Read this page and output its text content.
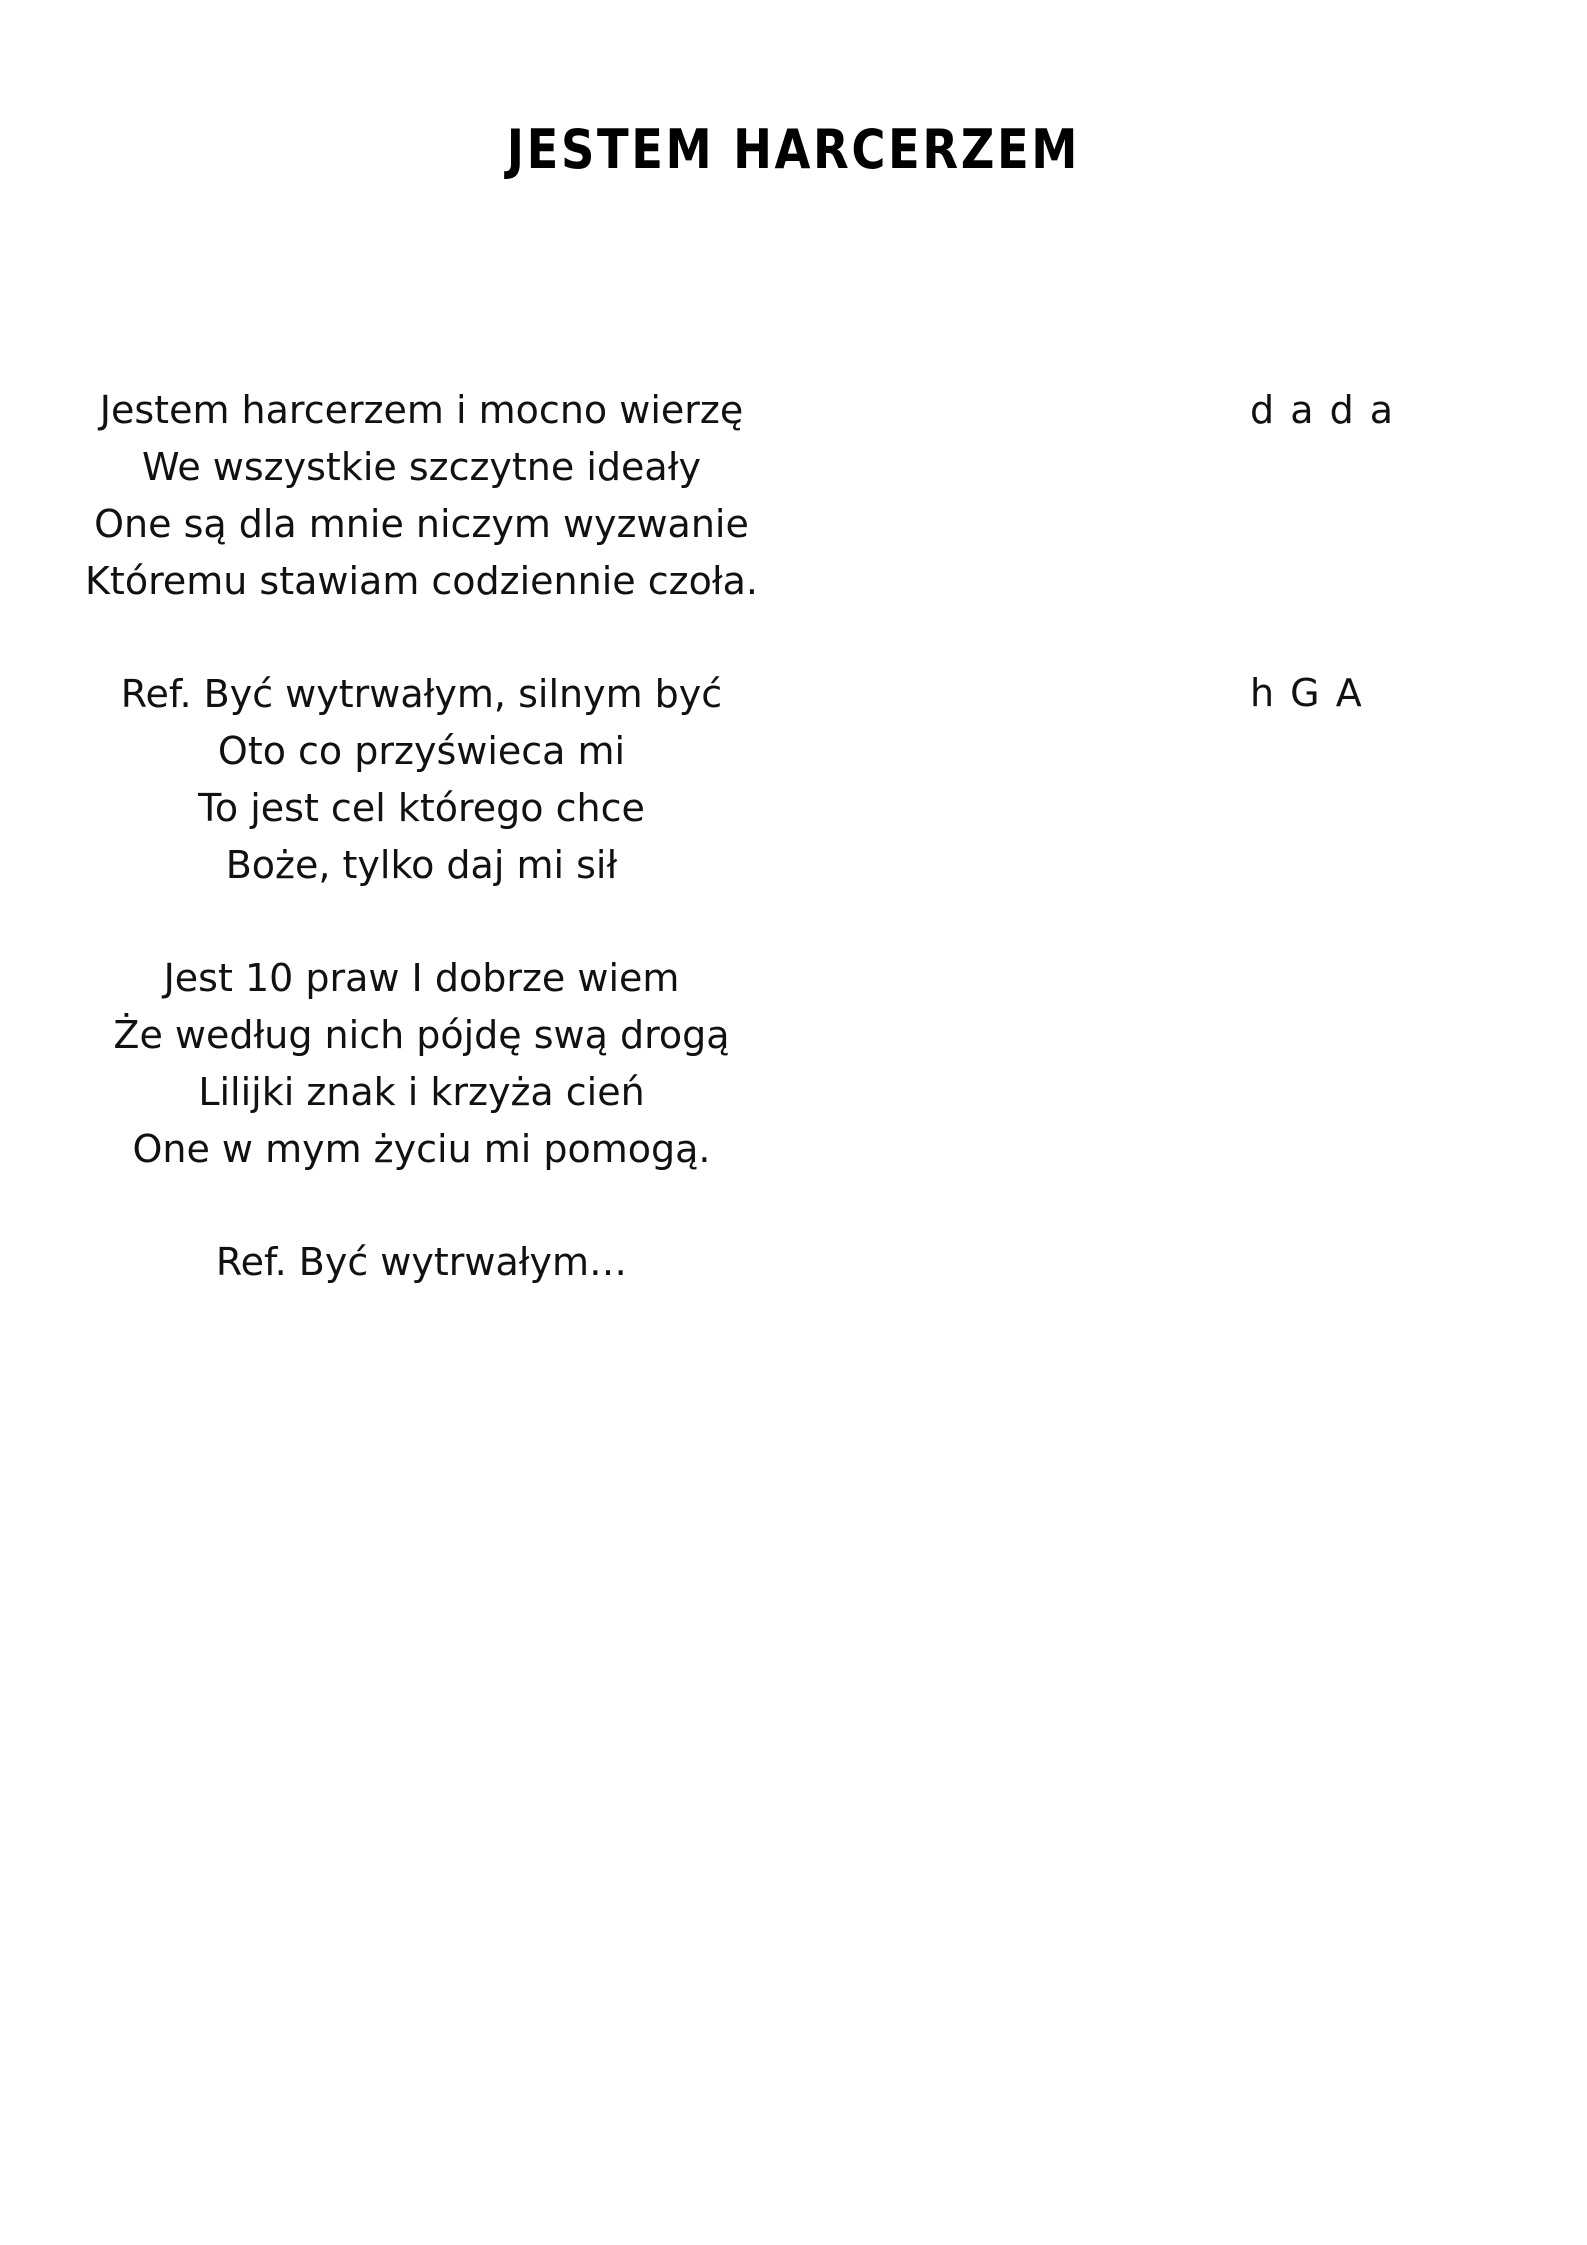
JESTEM HARCERZEM
Jestem harcerzem i mocno wierzę
We wszystkie szczytne ideały
One są dla mnie niczym wyzwanie
Któremu stawiam codziennie czoła.
Ref. Być wytrwałym, silnym być
Oto co przyświeca mi
To jest cel którego chce
Boże, tylko daj mi sił
Jest 10 praw I dobrze wiem
Że według nich pójdę swą drogą
Lilijki znak i krzyża cień
One w mym życiu mi pomogą.
Ref. Być wytrwałym…
d a d a
h G A
